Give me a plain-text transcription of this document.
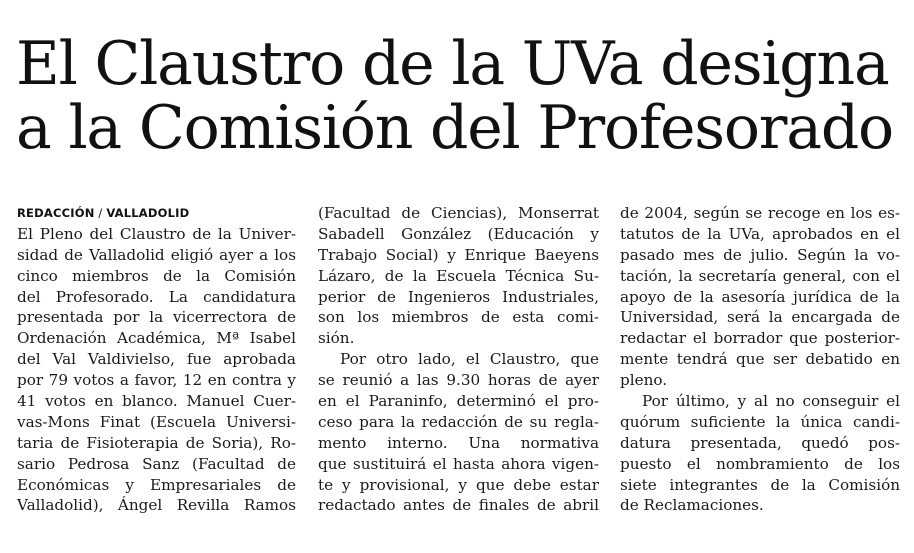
El Claustro de la UVa designa
a la Comisión del Profesorado
REDACCIÓN / VALLADOLID
El Pleno del Claustro de la Univer-
sidad de Valladolid eligió ayer a los
cinco miembros de la Comisión
del Profesorado. La candidatura
presentada por la vicerrectora de
Ordenación Académica, Mª Isabel
del Val Valdivielso, fue aprobada
por 79 votos a favor, 12 en contra y
41 votos en blanco. Manuel Cuer-
vas-Mons Finat (Escuela Universi-
taria de Fisioterapia de Soria), Ro-
sario Pedrosa Sanz (Facultad de
Económicas y Empresariales de
Valladolid), Ángel Revilla Ramos
(Facultad de Ciencias), Monserrat
Sabadell González (Educación y
Trabajo Social) y Enrique Baeyens
Lázaro, de la Escuela Técnica Su-
perior de Ingenieros Industriales,
son los miembros de esta comi-
sión.
Por otro lado, el Claustro, que
se reunió a las 9.30 horas de ayer
en el Paraninfo, determinó el pro-
ceso para la redacción de su regla-
mento interno. Una normativa
que sustituirá el hasta ahora vigen-
te y provisional, y que debe estar
redactado antes de finales de abril
de 2004, según se recoge en los es-
tatutos de la UVa, aprobados en el
pasado mes de julio. Según la vo-
tación, la secretaría general, con el
apoyo de la asesoría jurídica de la
Universidad, será la encargada de
redactar el borrador que posterior-
mente tendrá que ser debatido en
pleno.
Por último, y al no conseguir el
quórum suficiente la única candi-
datura presentada, quedó pos-
puesto el nombramiento de los
siete integrantes de la Comisión
de Reclamaciones.
